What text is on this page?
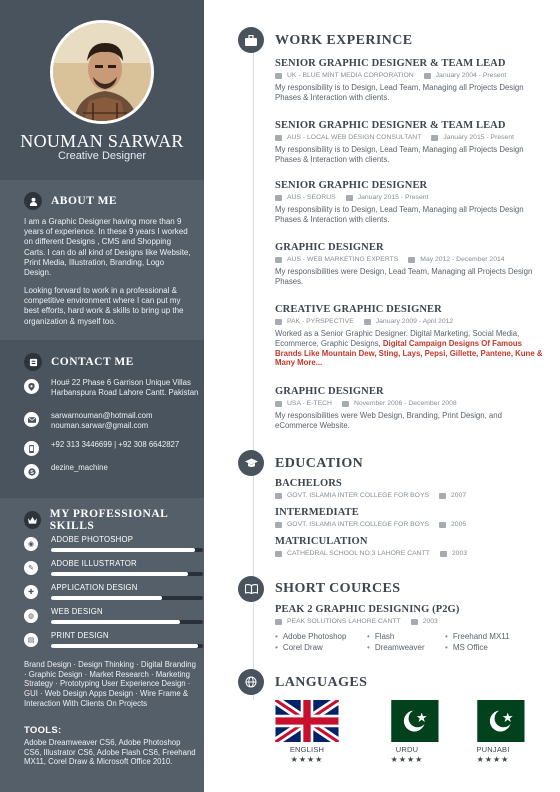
NOUMAN SARWAR
Creative Designer
ABOUT ME
I am a Graphic Designer having more than 9 years of experience. In these 9 years I worked on different Designs , CMS and Shopping Carts. I can do all kind of Designs like Website, Print Media, Illustration, Branding, Logo Design.
Looking forward to work in a professional & competitive environment where I can put my best efforts, hard work & skills to bring up the organization & myself too.
CONTACT ME
Hou# 22 Phase 6 Garrison Unique Villas Harbanspura Road Lahore Cantt. Pakistan
sarwarnouman@hotmail.com
nouman.sarwar@gmail.com
+92 313 3446699 | +92 308 6642827
S
dezine_machine
MY PROFESSIONAL SKILLS
◉
ADOBE PHOTOSHOP
✎
ADOBE ILLUSTRATOR
✚
APPLICATION DESIGN
◍
WEB DESIGN
▤
PRINT DESIGN
Brand Design · Design Thinking · Digital Branding · Graphic Design · Market Research · Marketing Strategy · Prototyping User Experience Design · GUI · Web Design Apps Design · Wire Frame & Interaction With Clients On Projects
TOOLS:
Adobe Dreamweaver CS6, Adobe Photoshop CS6, Illustrator CS6, Adobe Flash CS6, Freehand MX11, Corel Draw & Microsoft Office 2010.
WORK EXPERINCE
SENIOR GRAPHIC DESIGNER & TEAM LEAD
UK - BLUE MINT MEDIA CORPORATION	January 2004 - Present
My responsibility is to Design, Lead Team, Managing all Projects Design Phases & Interaction with clients.
SENIOR GRAPHIC DESIGNER & TEAM LEAD
AUS - LOCAL WEB DESIGN CONSULTANT	January 2015 - Present
My responsibility is to Design, Lead Team, Managing all Projects Design Phases & Interaction with clients.
SENIOR GRAPHIC DESIGNER
AUS - SEORUS	January 2015 - Present
My responsibility is to Design, Lead Team, Managing all Projects Design Phases & Interaction with clients.
GRAPHIC DESIGNER
AUS - WEB MARKETING EXPERTS	May 2012 - December 2014
My responsibilities were Design, Lead Team, Managing all Projects Design Phases.
CREATIVE GRAPHIC DESIGNER
PAK - PYRSPECTIVE	January 2009 - April 2012
Worked as a Senior Graphic Designer. Digital Marketing, Social Media, Ecommerce, Graphic Designs, Digital Campaign Designs Of Famous Brands Like Mountain Dew, Sting, Lays, Pepsi, Gillette, Pantene, Kune & Many More...
GRAPHIC DESIGNER
USA - E-TECH	November 2006 - December 2008
My responsibilities were Web Design, Branding, Print Design, and eCommerce Website.
EDUCATION
BACHELORS
GOVT. ISLAMIA INTER COLLEGE FOR BOYS	2007
INTERMEDIATE
GOVT. ISLAMIA INTER COLLEGE FOR BOYS	2005
MATRICULATION
CATHEDRAL SCHOOL NO.3 LAHORE CANTT	2003
SHORT COURCES
PEAK 2 GRAPHIC DESIGNING (P2G)
PEAK SOLUTIONS LAHORE CANTT	2003
• Adobe Photoshop	• Flash	• Freehand MX11
• Corel Draw	• Dreamweaver	• MS Office
LANGUAGES
ENGLISH
★★★★
URDU
★★★★
PUNJABI
★★★★
